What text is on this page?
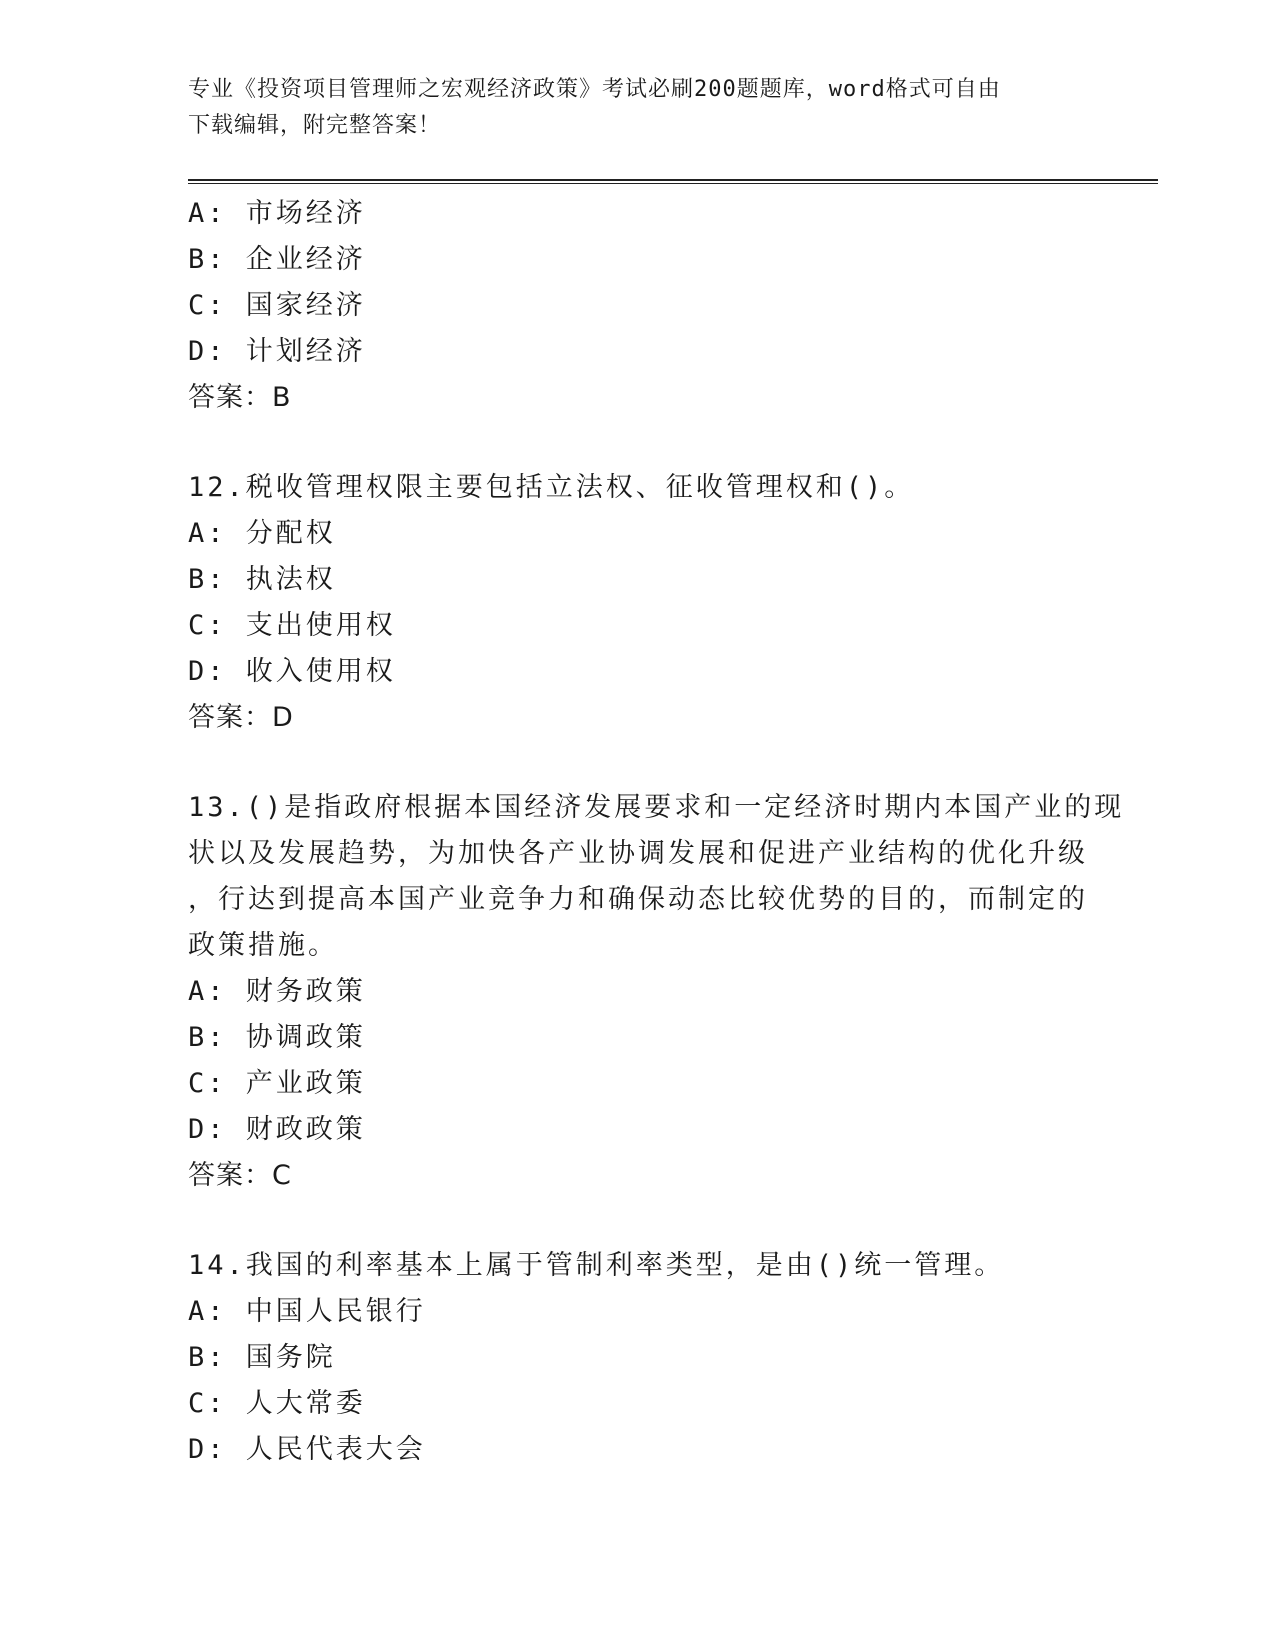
专业《投资项目管理师之宏观经济政策》考试必刷200题题库，word格式可自由
下载编辑，附完整答案！
A: 市场经济
B: 企业经济
C: 国家经济
D: 计划经济
答案：B
12.税收管理权限主要包括立法权、征收管理权和()。
A: 分配权
B: 执法权
C: 支出使用权
D: 收入使用权
答案：D
13.()是指政府根据本国经济发展要求和一定经济时期内本国产业的现
状以及发展趋势，为加快各产业协调发展和促进产业结构的优化升级
，行达到提高本国产业竞争力和确保动态比较优势的目的，而制定的
政策措施。
A: 财务政策
B: 协调政策
C: 产业政策
D: 财政政策
答案：C
14.我国的利率基本上属于管制利率类型，是由()统一管理。
A: 中国人民银行
B: 国务院
C: 人大常委
D: 人民代表大会
